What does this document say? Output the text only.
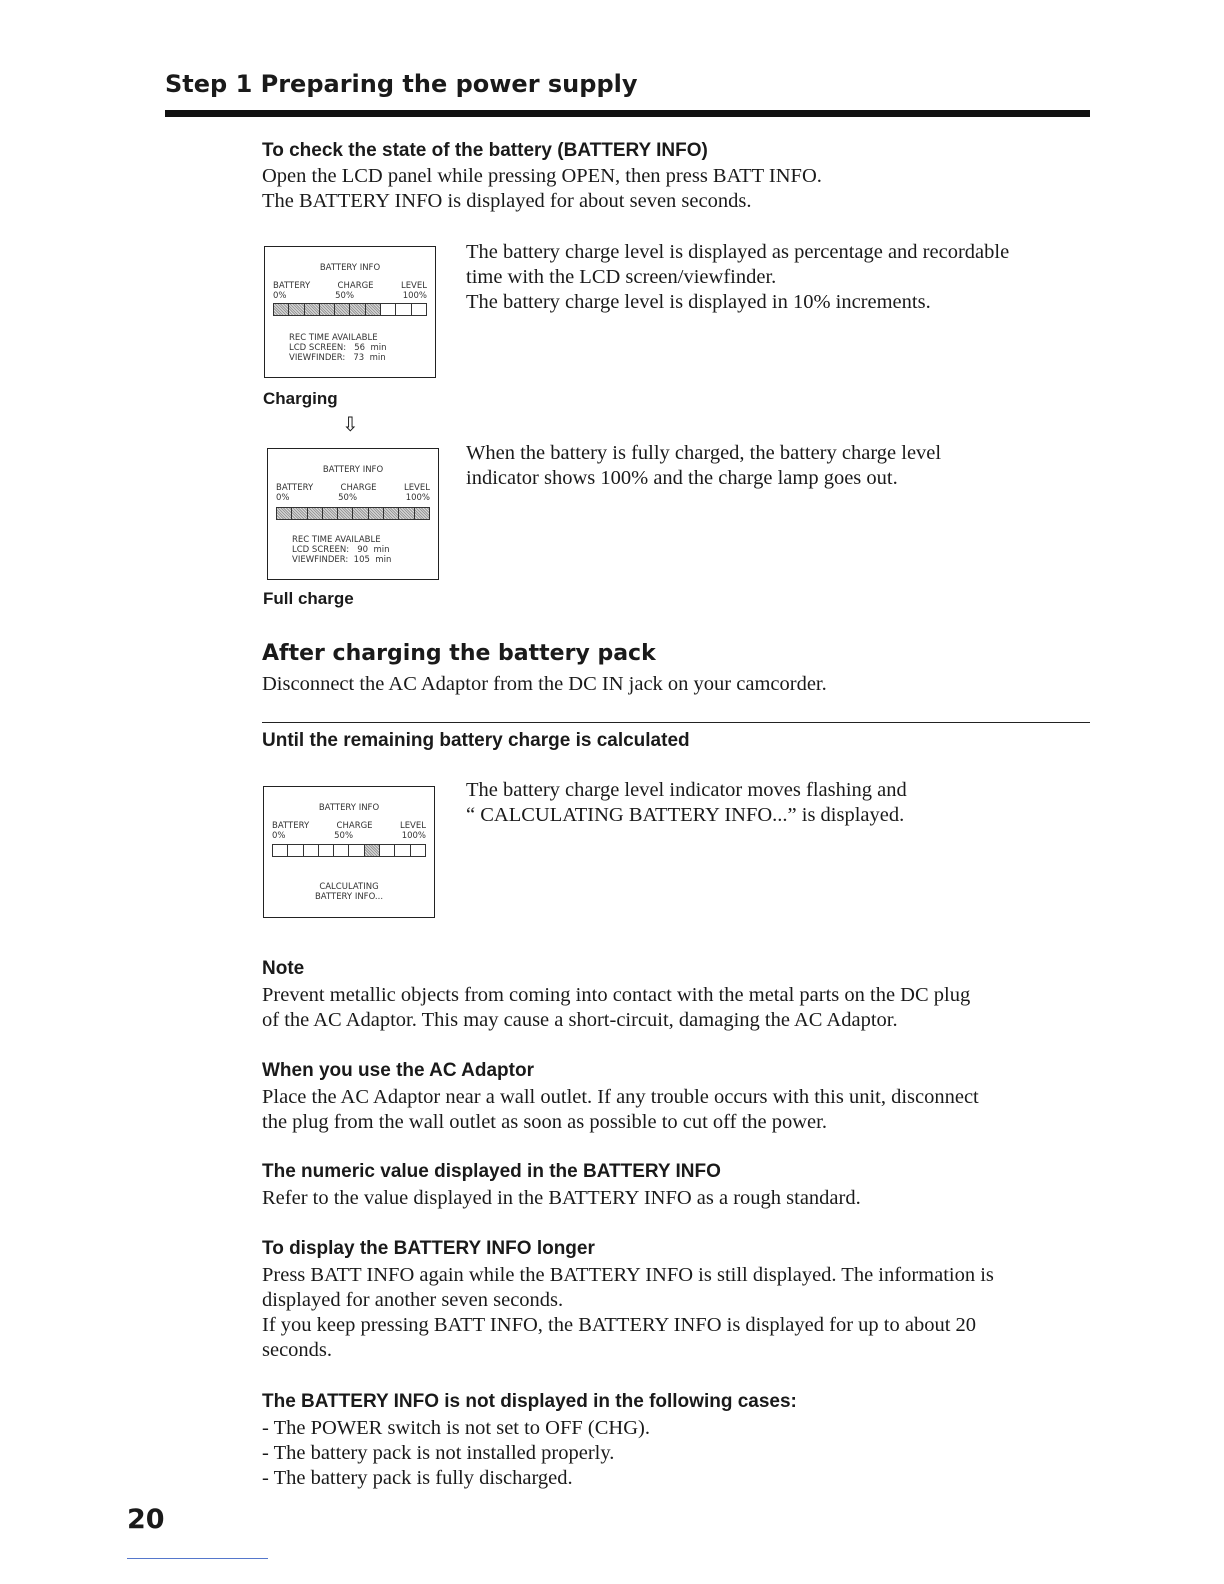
Step 1 Preparing the power supply
To check the state of the battery (BATTERY INFO)
Open the LCD panel while pressing OPEN, then press BATT INFO.
The BATTERY INFO is displayed for about seven seconds.
BATTERY INFO
BATTERY	CHARGE	LEVEL
0%	50%	100%
REC TIME AVAILABLE
LCD SCREEN:   56  min
VIEWFINDER:   73  min
Charging
⇩
The battery charge level is displayed as percentage and recordable
time with the LCD screen/viewfinder.
The battery charge level is displayed in 10% increments.
BATTERY INFO
BATTERY	CHARGE	LEVEL
0%	50%	100%
REC TIME AVAILABLE
LCD SCREEN:   90  min
VIEWFINDER:  105  min
Full charge
When the battery is fully charged, the battery charge level
indicator shows 100% and the charge lamp goes out.
After charging the battery pack
Disconnect the AC Adaptor from the DC IN jack on your camcorder.
Until the remaining battery charge is calculated
BATTERY INFO
BATTERY	CHARGE	LEVEL
0%	50%	100%
CALCULATING
BATTERY INFO...
The battery charge level indicator moves flashing and
“ CALCULATING BATTERY INFO...” is displayed.
Note
Prevent metallic objects from coming into contact with the metal parts on the DC plug
of the AC Adaptor. This may cause a short-circuit, damaging the AC Adaptor.
When you use the AC Adaptor
Place the AC Adaptor near a wall outlet. If any trouble occurs with this unit, disconnect
the plug from the wall outlet as soon as possible to cut off the power.
The numeric value displayed in the BATTERY INFO
Refer to the value displayed in the BATTERY INFO as a rough standard.
To display the BATTERY INFO longer
Press BATT INFO again while the BATTERY INFO is still displayed. The information is
displayed for another seven seconds.
If you keep pressing BATT INFO, the BATTERY INFO is displayed for up to about 20
seconds.
The BATTERY INFO is not displayed in the following cases:
- The POWER switch is not set to OFF (CHG).
- The battery pack is not installed properly.
- The battery pack is fully discharged.
20
